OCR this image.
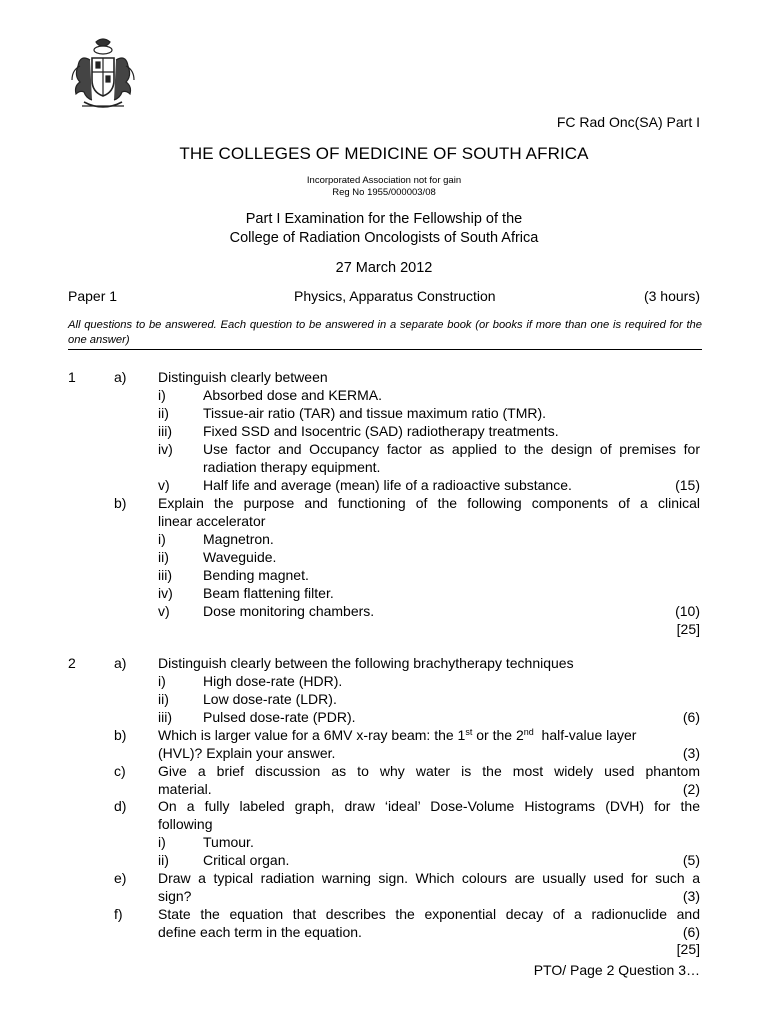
FC Rad Onc(SA) Part I
THE COLLEGES OF MEDICINE OF SOUTH AFRICA
Incorporated Association not for gain
Reg No 1955/000003/08
Part I Examination for the Fellowship of the
College of Radiation Oncologists of South Africa
27 March 2012
Paper 1	Physics, Apparatus Construction	(3 hours)
All questions to be answered. Each question to be answered in a separate book (or books if more than one is required for the one answer)
1	a) Distinguish clearly between
i)	Absorbed dose and KERMA.
ii) Tissue-air ratio (TAR) and tissue maximum ratio (TMR).
iii) Fixed SSD and Isocentric (SAD) radiotherapy treatments.
iv) Use factor and Occupancy factor as applied to the design of premises for
radiation therapy equipment.
v) Half life and average (mean) life of a radioactive substance.	(15)
b) Explain the purpose and functioning of the following components of a clinical
linear accelerator
i)	Magnetron.
ii) Waveguide.
iii) Bending magnet.
iv) Beam flattening filter.
v) Dose monitoring chambers.	(10)
[25]
2	a) Distinguish clearly between the following brachytherapy techniques
i)	High dose-rate (HDR).
ii) Low dose-rate (LDR).
iii) Pulsed dose-rate (PDR).	(6)
b) Which is larger value for a 6MV x-ray beam: the 1st or the 2nd  half-value layer
(HVL)? Explain your answer.	(3)
c) Give a brief discussion as to why water is the most widely used phantom
material.	(2)
d) On a fully labeled graph, draw ‘ideal’ Dose-Volume Histograms (DVH) for the
following
i)	Tumour.
ii) Critical organ.	(5)
e) Draw a typical radiation warning sign. Which colours are usually used for such a
sign?	(3)
f)	State the equation that describes the exponential decay of a radionuclide and
define each term in the equation.	(6)
[25]
PTO/ Page 2 Question 3…
